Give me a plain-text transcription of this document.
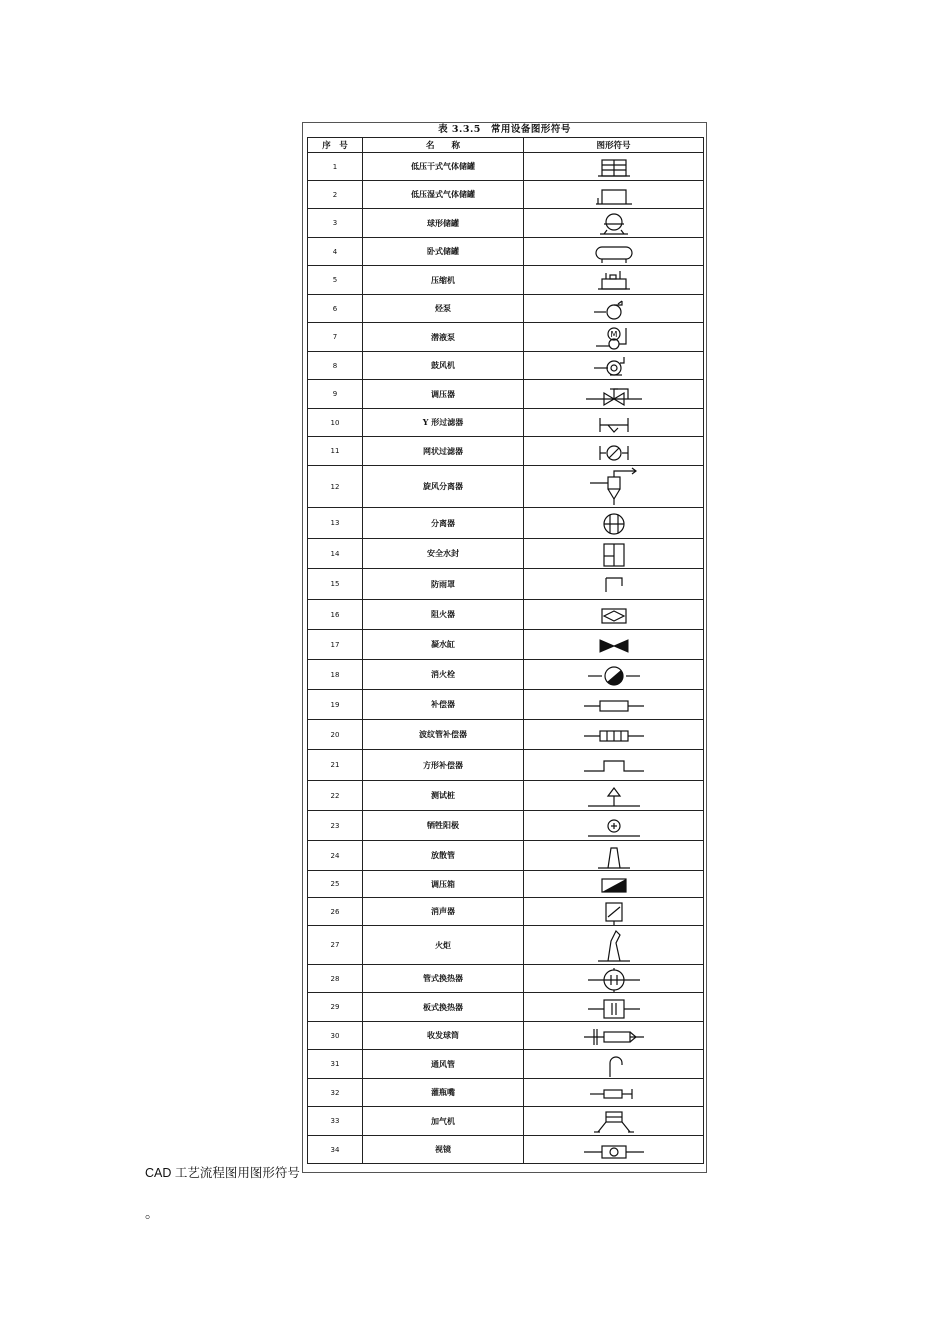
表 3.3.5　常用设备图形符号
序　号	名　　称	图形符号
1	低压干式气体储罐	

2	低压湿式气体储罐	

3	球形储罐	

4	卧式储罐	

5	压缩机	

6	烃泵	

7	潜液泵	M

8	鼓风机	

9	调压器	

10	Y 形过滤器	

11	网状过滤器	

12	旋风分离器	

13	分离器	

14	安全水封	

15	防雨罩	

16	阻火器	

17	凝水缸	

18	消火栓	

19	补偿器	

20	波纹管补偿器	

21	方形补偿器	

22	测试桩	

23	牺牲阳极	

24	放散管	

25	调压箱	

26	消声器	

27	火炬	

28	管式换热器	

29	板式换热器	

30	收发球筒	

31	通风管	

32	灌瓶嘴	

33	加气机	

34	视镜	
CAD 工艺流程图用图形符号
。
